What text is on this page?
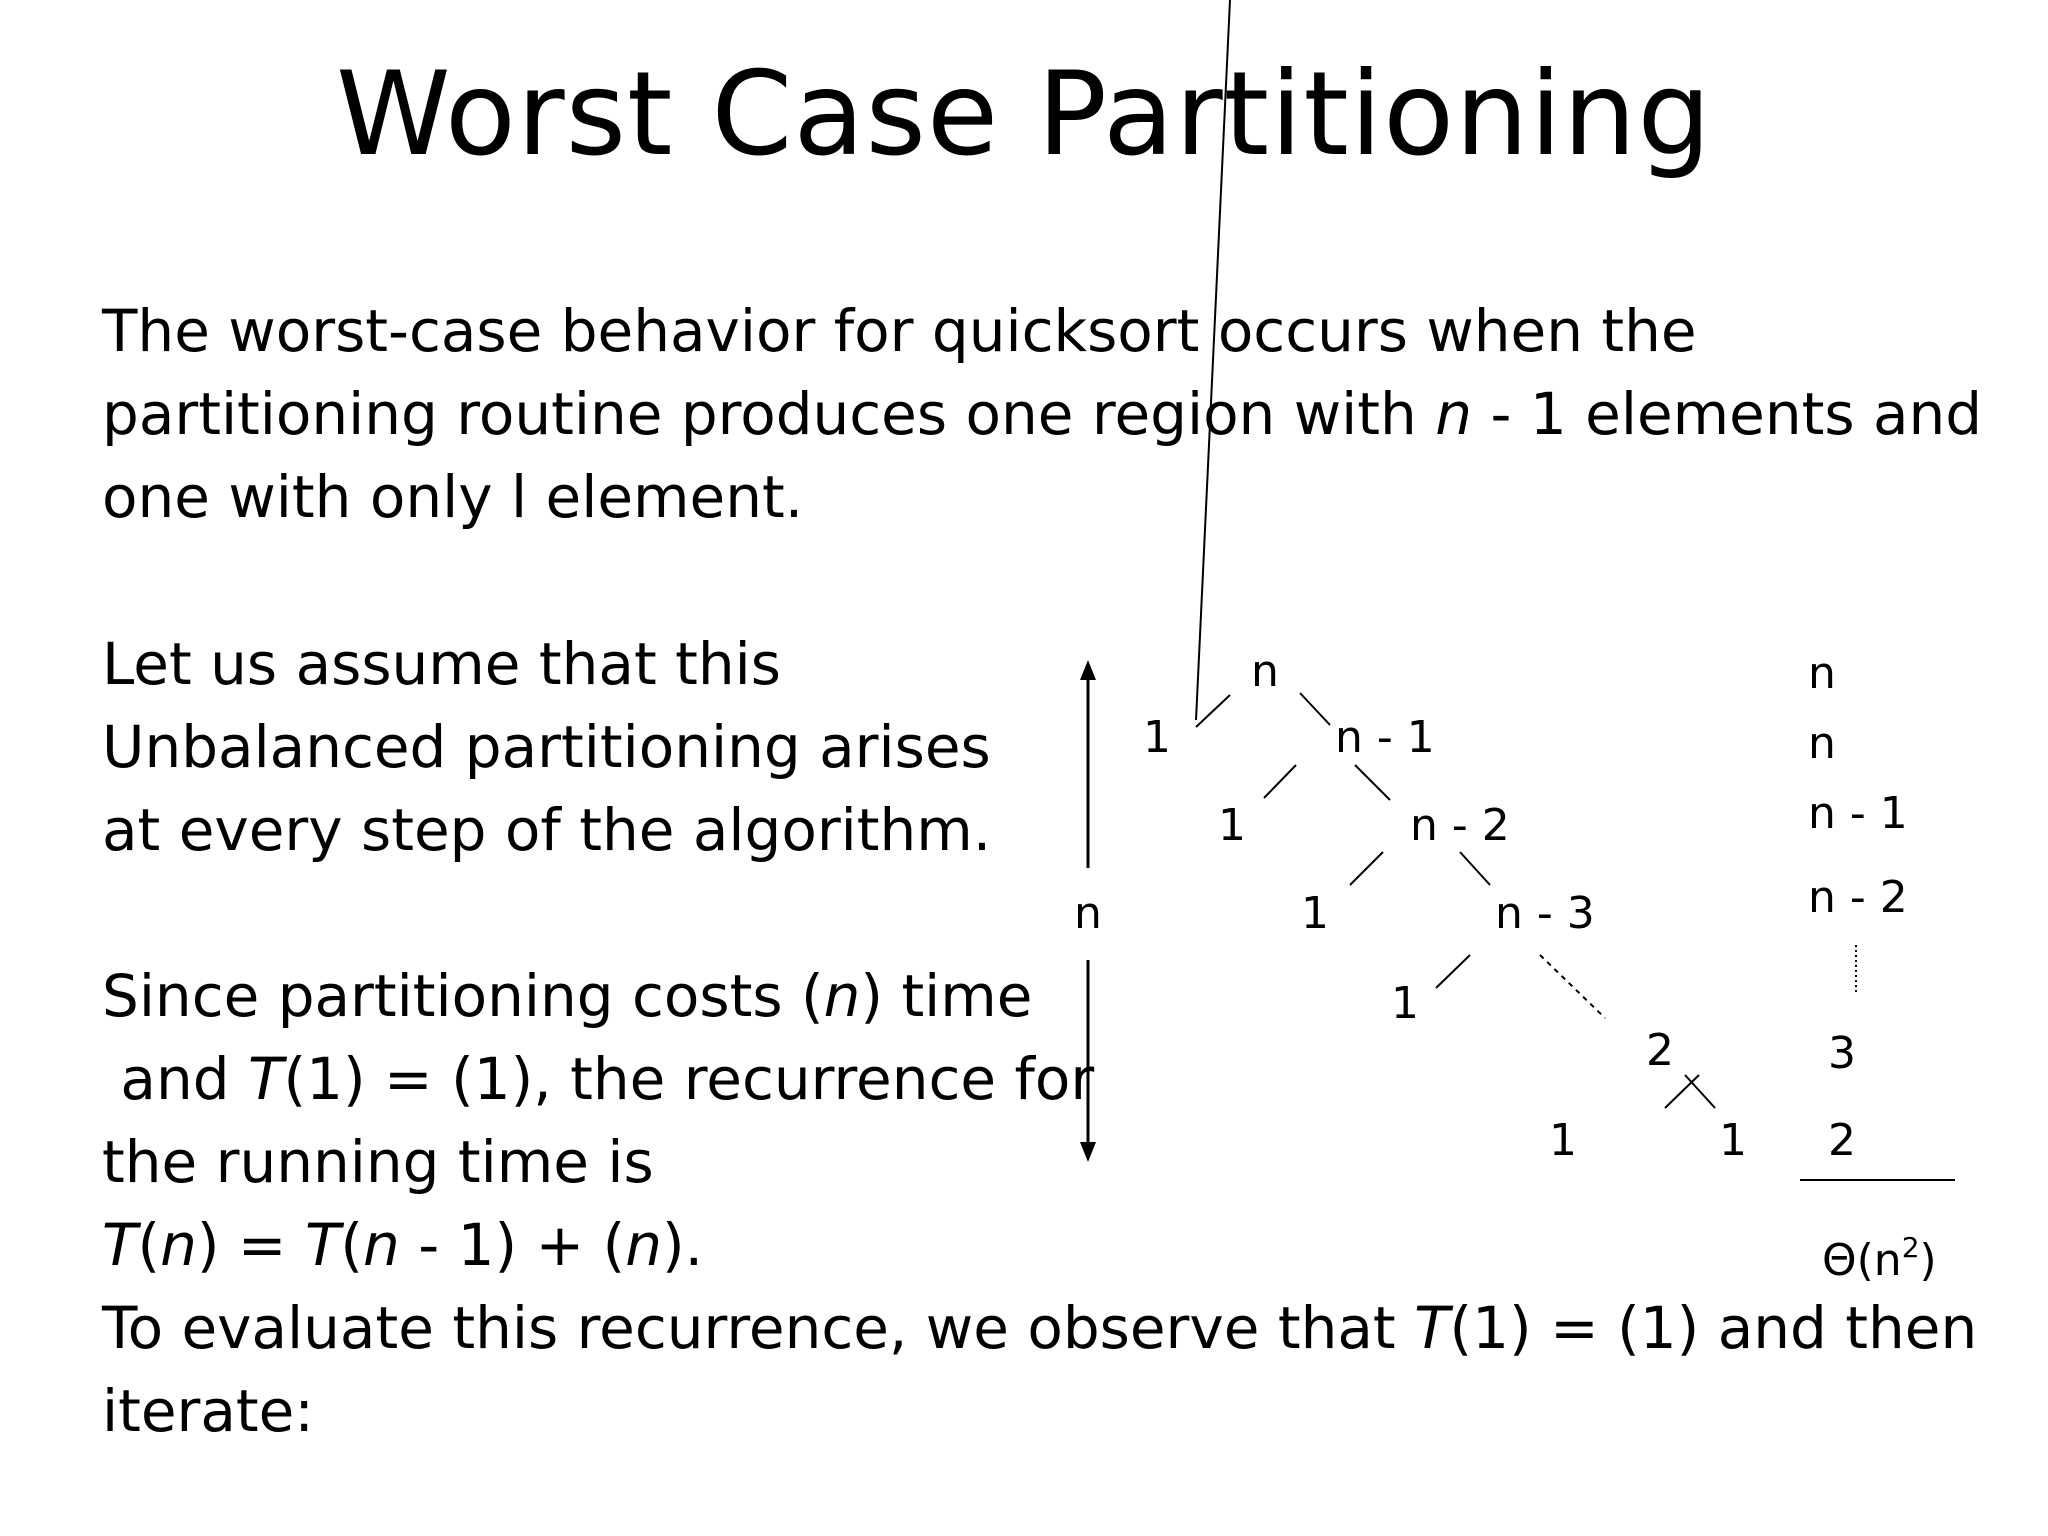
Worst Case Partitioning
The worst-case behavior for quicksort occurs when the
partitioning routine produces one region with n - 1 elements and
one with only l element.
Let us assume that this
Unbalanced partitioning arises
at every step of the algorithm.
Since partitioning costs (n) time
and T(1) = (1), the recurrence for
the running time is
T(n) = T(n - 1) + (n).
To evaluate this recurrence, we observe that T(1) = (1) and then
iterate:
n
n
1	n - 1
1	n - 2
1	n - 3
1
2
1	1
n
n
n - 1
n - 2
3
2
$\Theta(n^2)$
